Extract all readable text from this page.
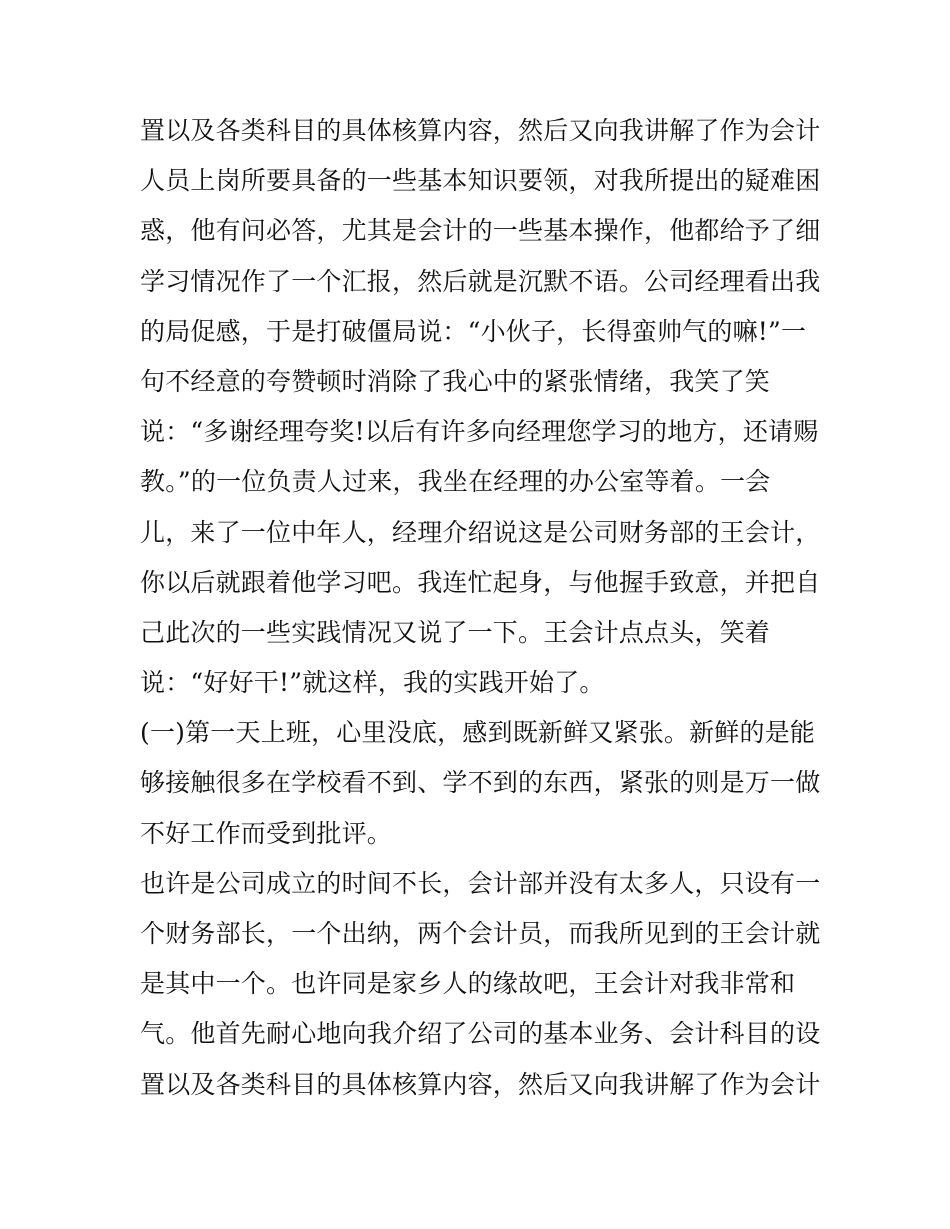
置以及各类科目的具体核算内容，然后又向我讲解了作为会计
人员上岗所要具备的一些基本知识要领，对我所提出的疑难困
惑，他有问必答，尤其是会计的一些基本操作，他都给予了细
学习情况作了一个汇报，然后就是沉默不语。公司经理看出我
的局促感，于是打破僵局说：“小伙子，长得蛮帅气的嘛!”一
句不经意的夸赞顿时消除了我心中的紧张情绪，我笑了笑
说：“多谢经理夸奖!以后有许多向经理您学习的地方，还请赐
教。”的一位负责人过来，我坐在经理的办公室等着。一会
儿，来了一位中年人，经理介绍说这是公司财务部的王会计，
你以后就跟着他学习吧。我连忙起身，与他握手致意，并把自
己此次的一些实践情况又说了一下。王会计点点头，笑着
说：“好好干!”就这样，我的实践开始了。
(一)第一天上班，心里没底，感到既新鲜又紧张。新鲜的是能
够接触很多在学校看不到、学不到的东西，紧张的则是万一做
不好工作而受到批评。
也许是公司成立的时间不长，会计部并没有太多人，只设有一
个财务部长，一个出纳，两个会计员，而我所见到的王会计就
是其中一个。也许同是家乡人的缘故吧，王会计对我非常和
气。他首先耐心地向我介绍了公司的基本业务、会计科目的设
置以及各类科目的具体核算内容，然后又向我讲解了作为会计
